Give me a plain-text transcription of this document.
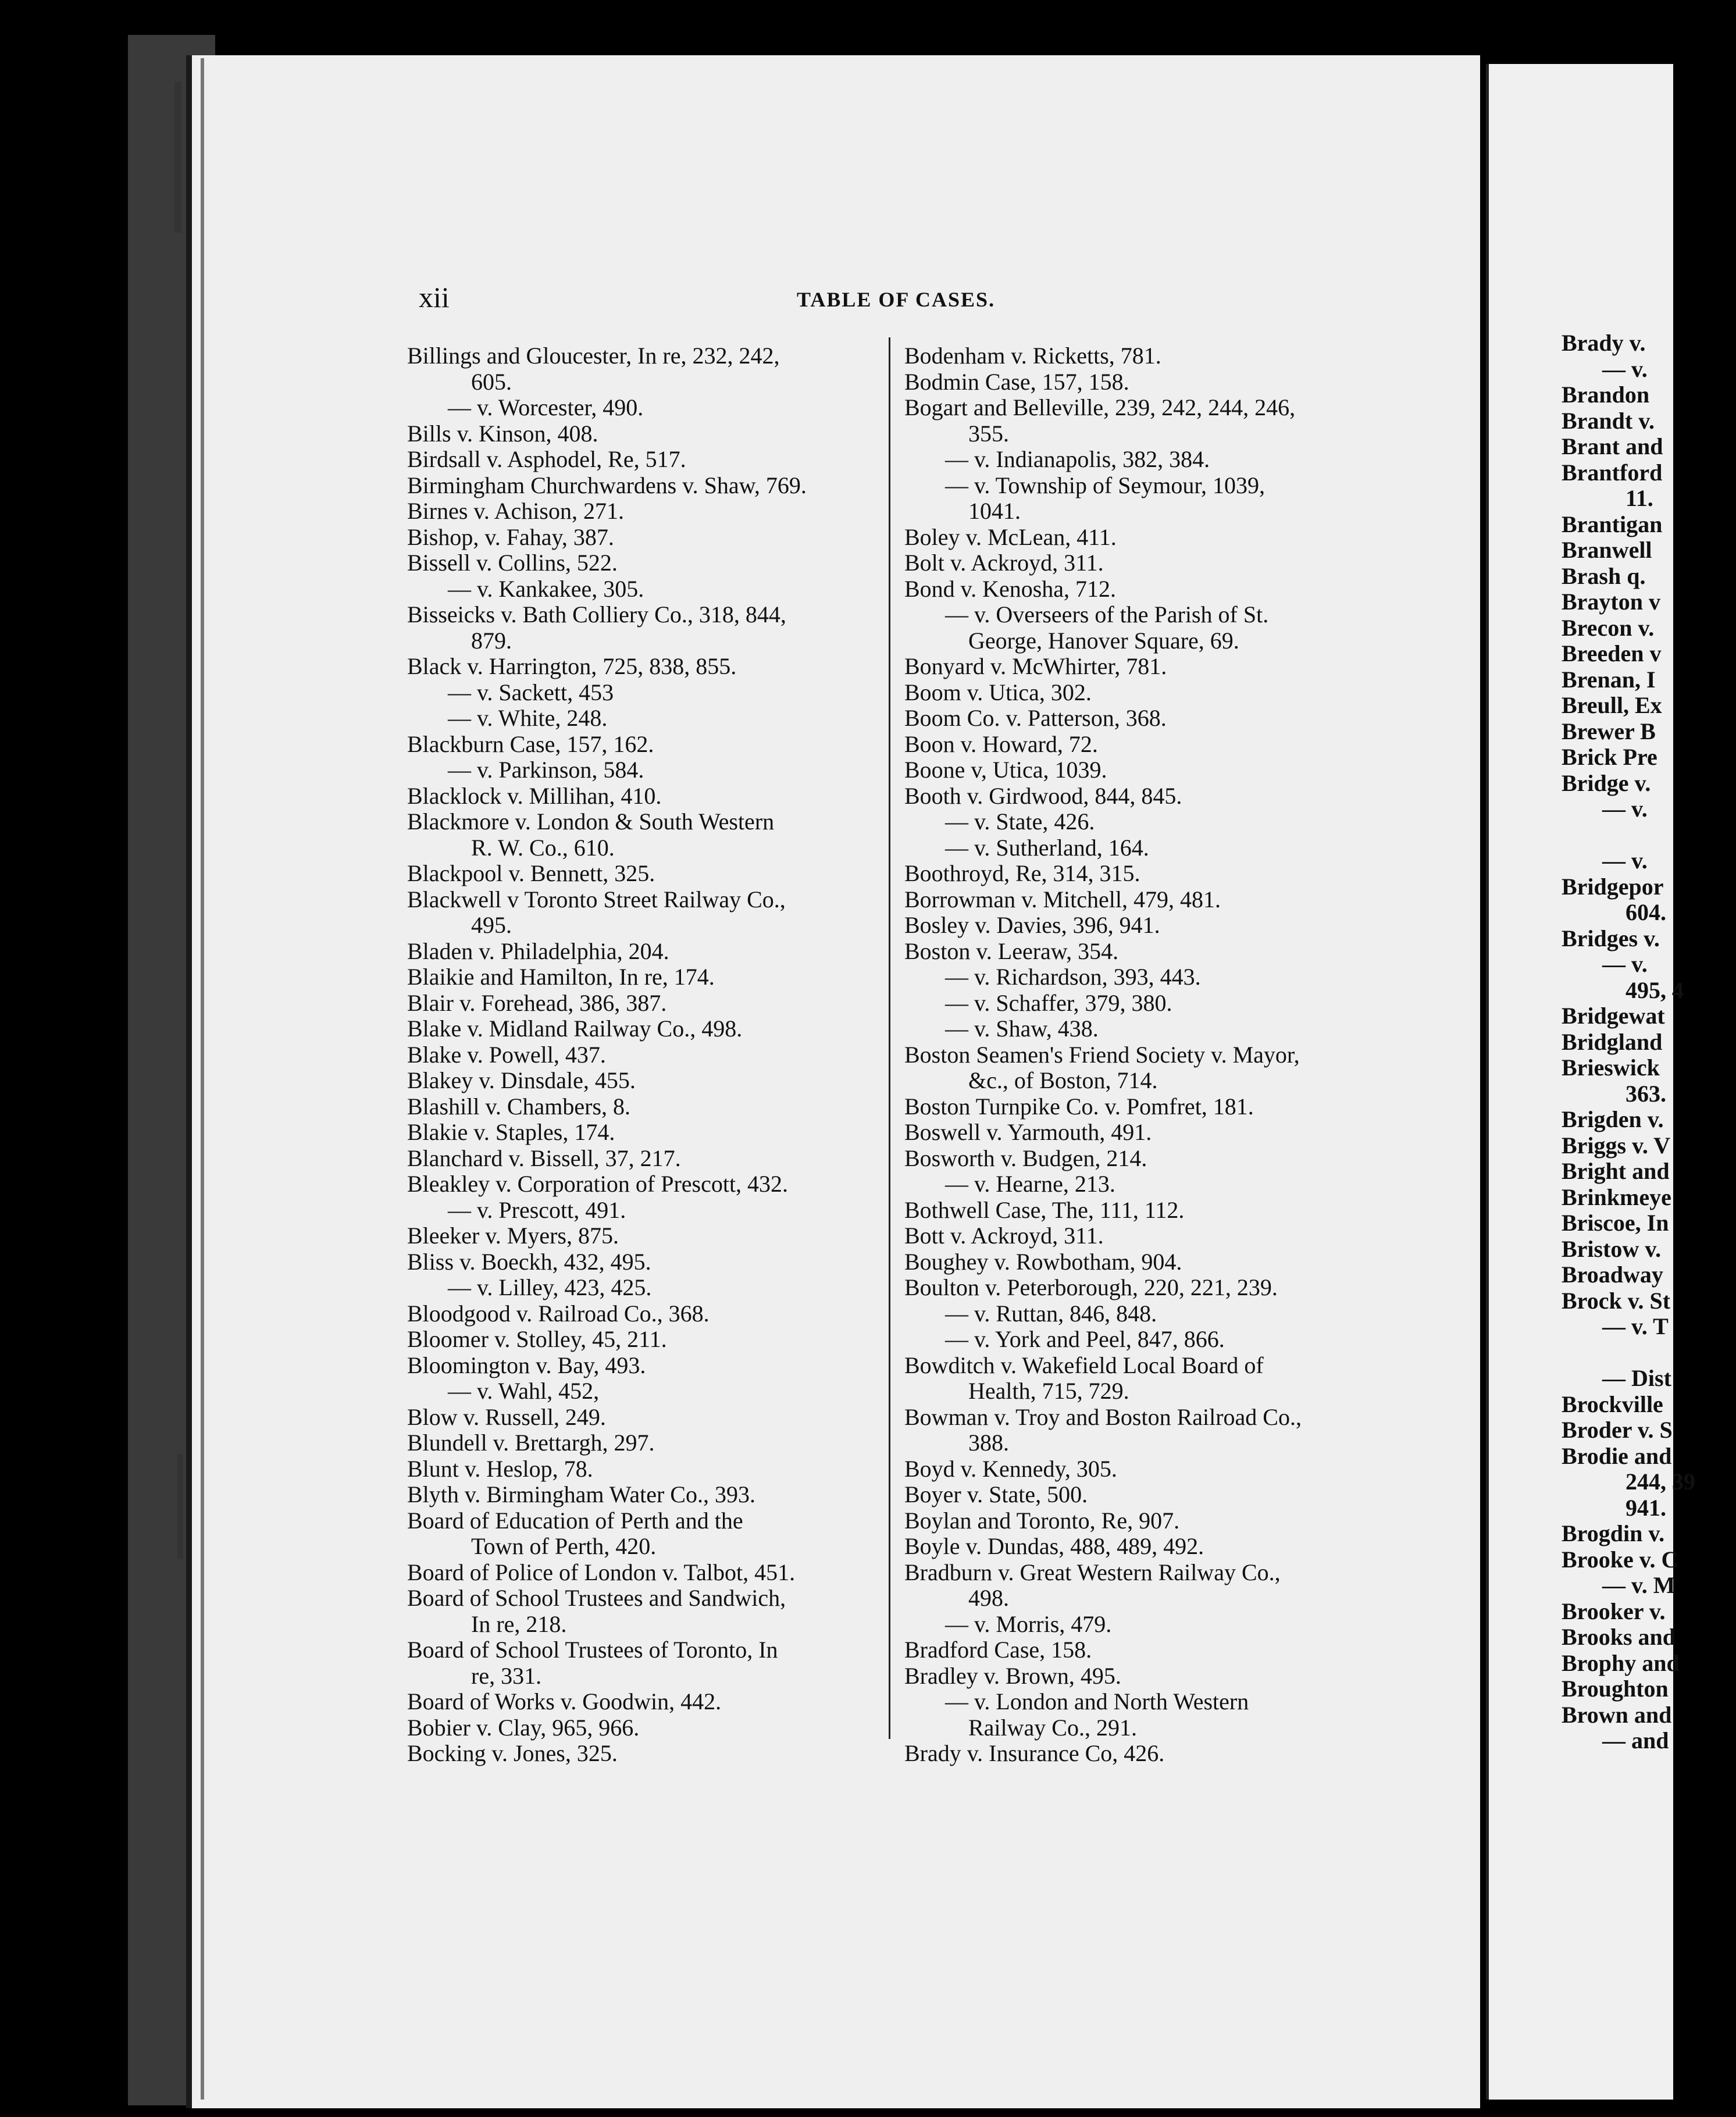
xii	TABLE OF CASES.
Billings and Gloucester, In re, 232, 242,
605.
— v. Worcester, 490.
Bills v. Kinson, 408.
Birdsall v. Asphodel, Re, 517.
Birmingham Churchwardens v. Shaw, 769.
Birnes v. Achison, 271.
Bishop, v. Fahay, 387.
Bissell v. Collins, 522.
— v. Kankakee, 305.
Bisseicks v. Bath Colliery Co., 318, 844,
879.
Black v. Harrington, 725, 838, 855.
— v. Sackett, 453
— v. White, 248.
Blackburn Case, 157, 162.
— v. Parkinson, 584.
Blacklock v. Millihan, 410.
Blackmore v. London & South Western
R. W. Co., 610.
Blackpool v. Bennett, 325.
Blackwell v Toronto Street Railway Co.,
495.
Bladen v. Philadelphia, 204.
Blaikie and Hamilton, In re, 174.
Blair v. Forehead, 386, 387.
Blake v. Midland Railway Co., 498.
Blake v. Powell, 437.
Blakey v. Dinsdale, 455.
Blashill v. Chambers, 8.
Blakie v. Staples, 174.
Blanchard v. Bissell, 37, 217.
Bleakley v. Corporation of Prescott, 432.
— v. Prescott, 491.
Bleeker v. Myers, 875.
Bliss v. Boeckh, 432, 495.
— v. Lilley, 423, 425.
Bloodgood v. Railroad Co., 368.
Bloomer v. Stolley, 45, 211.
Bloomington v. Bay, 493.
— v. Wahl, 452,
Blow v. Russell, 249.
Blundell v. Brettargh, 297.
Blunt v. Heslop, 78.
Blyth v. Birmingham Water Co., 393.
Board of Education of Perth and the
Town of Perth, 420.
Board of Police of London v. Talbot, 451.
Board of School Trustees and Sandwich,
In re, 218.
Board of School Trustees of Toronto, In
re, 331.
Board of Works v. Goodwin, 442.
Bobier v. Clay, 965, 966.
Bocking v. Jones, 325.
Bodenham v. Ricketts, 781.
Bodmin Case, 157, 158.
Bogart and Belleville, 239, 242, 244, 246,
355.
— v. Indianapolis, 382, 384.
— v. Township of Seymour, 1039,
1041.
Boley v. McLean, 411.
Bolt v. Ackroyd, 311.
Bond v. Kenosha, 712.
— v. Overseers of the Parish of St.
George, Hanover Square, 69.
Bonyard v. McWhirter, 781.
Boom v. Utica, 302.
Boom Co. v. Patterson, 368.
Boon v. Howard, 72.
Boone v, Utica, 1039.
Booth v. Girdwood, 844, 845.
— v. State, 426.
— v. Sutherland, 164.
Boothroyd, Re, 314, 315.
Borrowman v. Mitchell, 479, 481.
Bosley v. Davies, 396, 941.
Boston v. Leeraw, 354.
— v. Richardson, 393, 443.
— v. Schaffer, 379, 380.
— v. Shaw, 438.
Boston Seamen's Friend Society v. Mayor,
&c., of Boston, 714.
Boston Turnpike Co. v. Pomfret, 181.
Boswell v. Yarmouth, 491.
Bosworth v. Budgen, 214.
— v. Hearne, 213.
Bothwell Case, The, 111, 112.
Bott v. Ackroyd, 311.
Boughey v. Rowbotham, 904.
Boulton v. Peterborough, 220, 221, 239.
— v. Ruttan, 846, 848.
— v. York and Peel, 847, 866.
Bowditch v. Wakefield Local Board of
Health, 715, 729.
Bowman v. Troy and Boston Railroad Co.,
388.
Boyd v. Kennedy, 305.
Boyer v. State, 500.
Boylan and Toronto, Re, 907.
Boyle v. Dundas, 488, 489, 492.
Bradburn v. Great Western Railway Co.,
498.
— v. Morris, 479.
Bradford Case, 158.
Bradley v. Brown, 495.
— v. London and North Western
Railway Co., 291.
Brady v. Insurance Co, 426.
Brady v.
— v.
Brandon
Brandt v.
Brant and
Brantford
11.
Brantigan
Branwell
Brash q.
Brayton v
Brecon v.
Breeden v
Brenan, I
Breull, Ex
Brewer B
Brick Pre
Bridge v.
— v.
— v.
Bridgepor
604.
Bridges v.
— v.
495, 4
Bridgewat
Bridgland
Brieswick
363.
Brigden v.
Briggs v. V
Bright and
Brinkmeye
Briscoe, In
Bristow v.
Broadway
Brock v. St
— v. T
— Dist
Brockville
Broder v. S
Brodie and
244, 39
941.
Brogdin v.
Brooke v. C
— v. M
Brooker v.
Brooks and
Brophy and
Broughton
Brown and
— and
